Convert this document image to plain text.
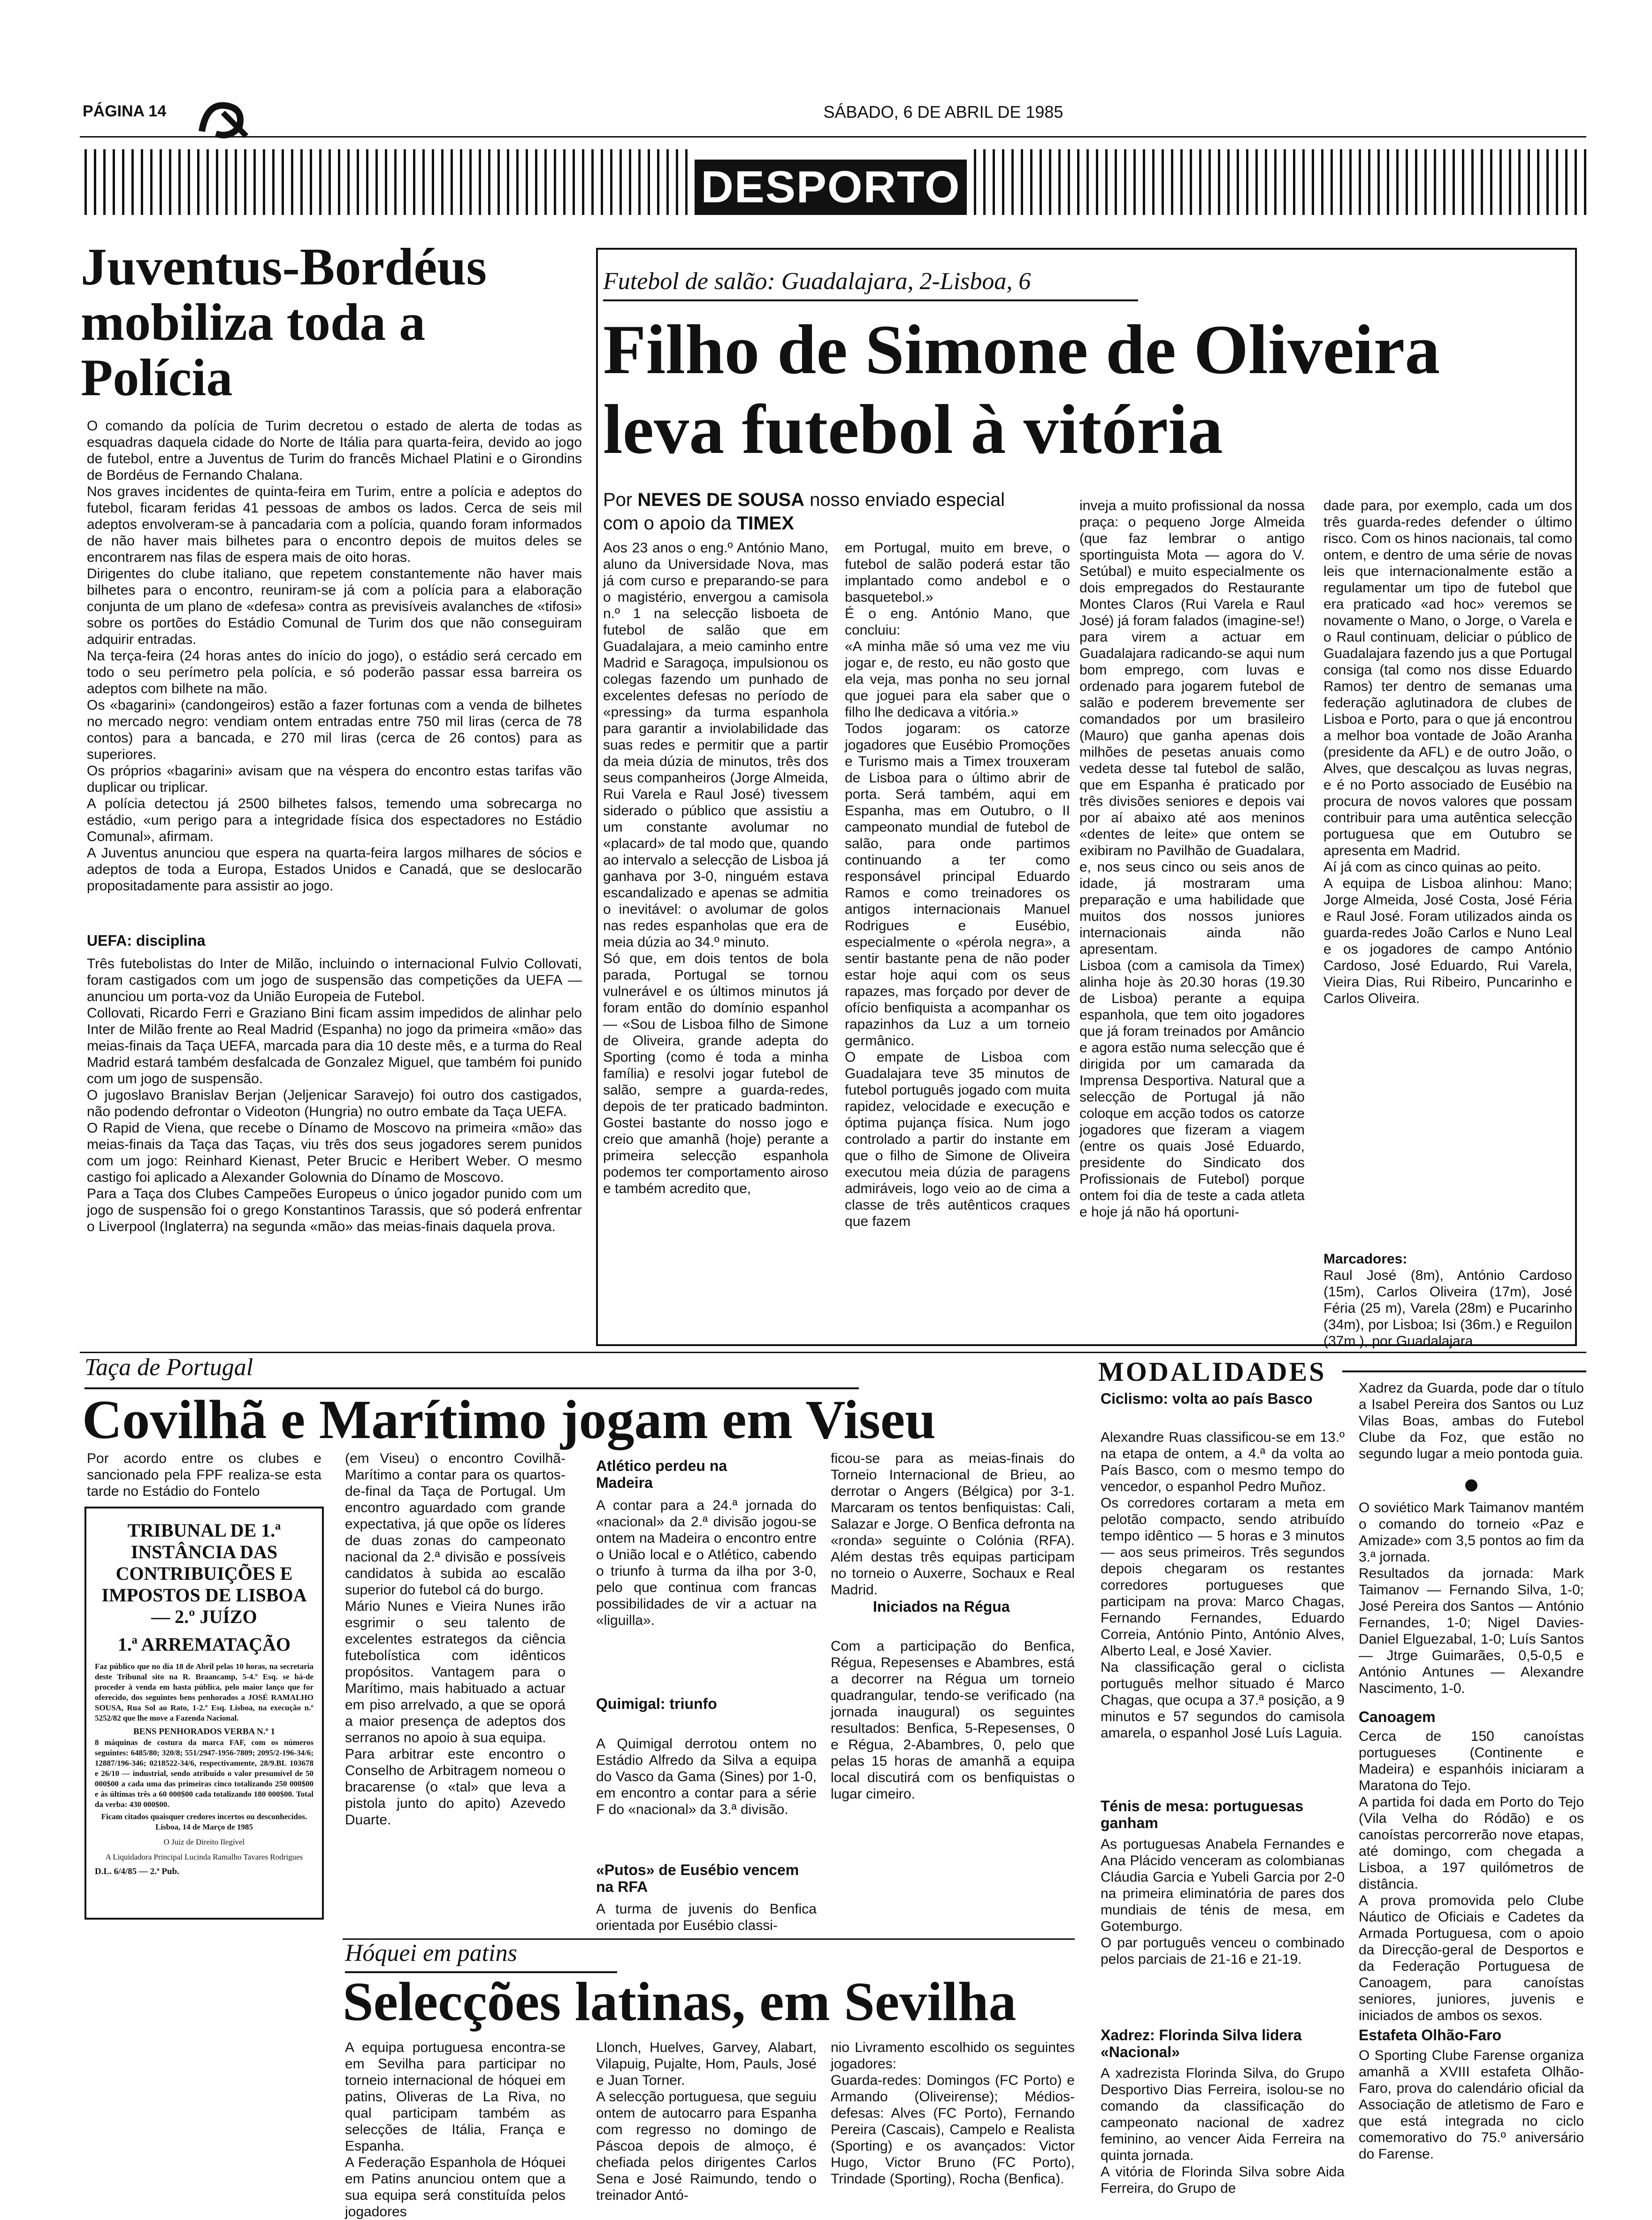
PÁGINA 14	SÁBADO, 6 DE ABRIL DE 1985
DESPORTO
Juventus-Bordéus mobiliza toda a Polícia
O comando da polícia de Turim decretou o estado de alerta de todas as esquadras daquela cidade do Norte de Itália para quarta-feira, devido ao jogo de futebol, entre a Juventus de Turim do francês Michael Platini e o Girondins de Bordéus de Fernando Chalana.
Nos graves incidentes de quinta-feira em Turim, entre a polícia e adeptos do futebol, ficaram feridas 41 pessoas de ambos os lados. Cerca de seis mil adeptos envolveram-se à pancadaria com a polícia, quando foram informados de não haver mais bilhetes para o encontro depois de muitos deles se encontrarem nas filas de espera mais de oito horas.
Dirigentes do clube italiano, que repetem constantemente não haver mais bilhetes para o encontro, reuniram-se já com a polícia para a elaboração conjunta de um plano de «defesa» contra as previsíveis avalanches de «tifosi» sobre os portões do Estádio Comunal de Turim dos que não conseguiram adquirir entradas.
Na terça-feira (24 horas antes do início do jogo), o estádio será cercado em todo o seu perímetro pela polícia, e só poderão passar essa barreira os adeptos com bilhete na mão.
Os «bagarini» (candongeiros) estão a fazer fortunas com a venda de bilhetes no mercado negro: vendiam ontem entradas entre 750 mil liras (cerca de 78 contos) para a bancada, e 270 mil liras (cerca de 26 contos) para as superiores.
Os próprios «bagarini» avisam que na véspera do encontro estas tarifas vão duplicar ou triplicar.
A polícia detectou já 2500 bilhetes falsos, temendo uma sobrecarga no estádio, «um perigo para a integridade física dos espectadores no Estádio Comunal», afirmam.
A Juventus anunciou que espera na quarta-feira largos milhares de sócios e adeptos de toda a Europa, Estados Unidos e Canadá, que se deslocarão propositadamente para assistir ao jogo.
UEFA: disciplina
Três futebolistas do Inter de Milão, incluindo o internacional Fulvio Collovati, foram castigados com um jogo de suspensão das competições da UEFA — anunciou um porta-voz da União Europeia de Futebol.
Collovati, Ricardo Ferri e Graziano Bini ficam assim impedidos de alinhar pelo Inter de Milão frente ao Real Madrid (Espanha) no jogo da primeira «mão» das meias-finais da Taça UEFA, marcada para dia 10 deste mês, e a turma do Real Madrid estará também desfalcada de Gonzalez Miguel, que também foi punido com um jogo de suspensão.
O jugoslavo Branislav Berjan (Jeljenicar Saravejo) foi outro dos castigados, não podendo defrontar o Videoton (Hungria) no outro embate da Taça UEFA.
O Rapid de Viena, que recebe o Dínamo de Moscovo na primeira «mão» das meias-finais da Taça das Taças, viu três dos seus jogadores serem punidos com um jogo: Reinhard Kienast, Peter Brucic e Heribert Weber. O mesmo castigo foi aplicado a Alexander Golownia do Dínamo de Moscovo.
Para a Taça dos Clubes Campeões Europeus o único jogador punido com um jogo de suspensão foi o grego Konstantinos Tarassis, que só poderá enfrentar o Liverpool (Inglaterra) na segunda «mão» das meias-finais daquela prova.
Futebol de salão: Guadalajara, 2-Lisboa, 6
Filho de Simone de Oliveira leva futebol à vitória
Por NEVES DE SOUSA nosso enviado especial
com o apoio da TIMEX
Aos 23 anos o eng.º António Mano, aluno da Universidade Nova, mas já com curso e preparando-se para o magistério, envergou a camisola n.º 1 na selecção lisboeta de futebol de salão que em Guadalajara, a meio caminho entre Madrid e Saragoça, impulsionou os colegas fazendo um punhado de excelentes defesas no período de «pressing» da turma espanhola para garantir a inviolabilidade das suas redes e permitir que a partir da meia dúzia de minutos, três dos seus companheiros (Jorge Almeida, Rui Varela e Raul José) tivessem siderado o público que assistiu a um constante avolumar no «placard» de tal modo que, quando ao intervalo a selecção de Lisboa já ganhava por 3-0, ninguém estava escandalizado e apenas se admitia o inevitável: o avolumar de golos nas redes espanholas que era de meia dúzia ao 34.º minuto.
Só que, em dois tentos de bola parada, Portugal se tornou vulnerável e os últimos minutos já foram então do domínio espanhol — «Sou de Lisboa filho de Simone de Oliveira, grande adepta do Sporting (como é toda a minha família) e resolvi jogar futebol de salão, sempre a guarda-redes, depois de ter praticado badminton. Gostei bastante do nosso jogo e creio que amanhã (hoje) perante a primeira selecção espanhola podemos ter comportamento airoso e também acredito que,
em Portugal, muito em breve, o futebol de salão poderá estar tão implantado como andebol e o basquetebol.»
É o eng. António Mano, que concluiu:
«A minha mãe só uma vez me viu jogar e, de resto, eu não gosto que ela veja, mas ponha no seu jornal que joguei para ela saber que o filho lhe dedicava a vitória.»
Todos jogaram: os catorze jogadores que Eusébio Promoções e Turismo mais a Timex trouxeram de Lisboa para o último abrir de porta. Será também, aqui em Espanha, mas em Outubro, o II campeonato mundial de futebol de salão, para onde partimos continuando a ter como responsável principal Eduardo Ramos e como treinadores os antigos internacionais Manuel Rodrigues e Eusébio, especialmente o «pérola negra», a sentir bastante pena de não poder estar hoje aqui com os seus rapazes, mas forçado por dever de ofício benfiquista a acompanhar os rapazinhos da Luz a um torneio germânico.
O empate de Lisboa com Guadalajara teve 35 minutos de futebol português jogado com muita rapidez, velocidade e execução e óptima pujança física. Num jogo controlado a partir do instante em que o filho de Simone de Oliveira executou meia dúzia de paragens admiráveis, logo veio ao de cima a classe de três autênticos craques que fazem
inveja a muito profissional da nossa praça: o pequeno Jorge Almeida (que faz lembrar o antigo sportinguista Mota — agora do V. Setúbal) e muito especialmente os dois empregados do Restaurante Montes Claros (Rui Varela e Raul José) já foram falados (imagine-se!) para virem a actuar em Guadalajara radicando-se aqui num bom emprego, com luvas e ordenado para jogarem futebol de salão e poderem brevemente ser comandados por um brasileiro (Mauro) que ganha apenas dois milhões de pesetas anuais como vedeta desse tal futebol de salão, que em Espanha é praticado por três divisões seniores e depois vai por aí abaixo até aos meninos «dentes de leite» que ontem se exibiram no Pavilhão de Guadalara, e, nos seus cinco ou seis anos de idade, já mostraram uma preparação e uma habilidade que muitos dos nossos juniores internacionais ainda não apresentam.
Lisboa (com a camisola da Timex) alinha hoje às 20.30 horas (19.30 de Lisboa) perante a equipa espanhola, que tem oito jogadores que já foram treinados por Amâncio e agora estão numa selecção que é dirigida por um camarada da Imprensa Desportiva. Natural que a selecção de Portugal já não coloque em acção todos os catorze jogadores que fizeram a viagem (entre os quais José Eduardo, presidente do Sindicato dos Profissionais de Futebol) porque ontem foi dia de teste a cada atleta e hoje já não há oportuni-
dade para, por exemplo, cada um dos três guarda-redes defender o último risco. Com os hinos nacionais, tal como ontem, e dentro de uma série de novas leis que internacionalmente estão a regulamentar um tipo de futebol que era praticado «ad hoc» veremos se novamente o Mano, o Jorge, o Varela e o Raul continuam, deliciar o público de Guadalajara fazendo jus a que Portugal consiga (tal como nos disse Eduardo Ramos) ter dentro de semanas uma federação aglutinadora de clubes de Lisboa e Porto, para o que já encontrou a melhor boa vontade de João Aranha (presidente da AFL) e de outro João, o Alves, que descalçou as luvas negras, e é no Porto associado de Eusébio na procura de novos valores que possam contribuir para uma autêntica selecção portuguesa que em Outubro se apresenta em Madrid.
Aí já com as cinco quinas ao peito.
A equipa de Lisboa alinhou: Mano; Jorge Almeida, José Costa, José Féria e Raul José. Foram utilizados ainda os guarda-redes João Carlos e Nuno Leal e os jogadores de campo António Cardoso, José Eduardo, Rui Varela, Vieira Dias, Rui Ribeiro, Puncarinho e Carlos Oliveira.

Marcadores:
Raul José (8m), António Cardoso (15m), Carlos Oliveira (17m), José Féria (25 m), Varela (28m) e Pucarinho (34m), por Lisboa; Isi (36m.) e Reguilon (37m.), por Guadalajara.

Taça de Portugal
Covilhã e Marítimo jogam em Viseu
Por acordo entre os clubes e sancionado pela FPF realiza-se esta tarde no Estádio do Fontelo
TRIBUNAL DE 1.ª INSTÂNCIA DAS CONTRIBUIÇÕES E IMPOSTOS DE LISBOA — 2.º JUÍZO
1.ª ARREMATAÇÃO
Faz público que no dia 18 de Abril pelas 10 horas, na secretaria deste Tribunal sito na R. Braancamp, 5-4.º Esq. se há-de proceder à venda em hasta pública, pelo maior lanço que for oferecido, dos seguintes bens penhorados a JOSÉ RAMALHO SOUSA, Rua Sol ao Rato, 1-2.º Esq. Lisboa, na execução n.º 5252/82 que lhe move a Fazenda Nacional.
BENS PENHORADOS VERBA N.º 1
8 máquinas de costura da marca FAF, com os números seguintes: 6485/80; 320/8; 551/2947-1956-7809; 2095/2-196-34/6; 12887/196-346; 0218522-34/6, respectivamente, 28/9.BL 103678 e 26/10 — industrial, sendo atribuído o valor presumível de 50 000$00 a cada uma das primeiras cinco totalizando 250 000$00 e às últimas três a 60 000$00 cada totalizando 180 000$00. Total da verba: 430 000$00.
Ficam citados quaisquer credores incertos ou desconhecidos.
Lisboa, 14 de Março de 1985
O Juiz de Direito Ilegível
A Liquidadora Principal Lucinda Ramalho Tavares Rodrigues
D.L. 6/4/85 — 2.ª Pub.
(em Viseu) o encontro Covilhã-Marítimo a contar para os quartos-de-final da Taça de Portugal. Um encontro aguardado com grande expectativa, já que opõe os líderes de duas zonas do campeonato nacional da 2.ª divisão e possíveis candidatos à subida ao escalão superior do futebol cá do burgo.
Mário Nunes e Vieira Nunes irão esgrimir o seu talento de excelentes estrategos da ciência futebolística com idênticos propósitos. Vantagem para o Marítimo, mais habituado a actuar em piso arrelvado, a que se oporá a maior presença de adeptos dos serranos no apoio à sua equipa.
Para arbitrar este encontro o Conselho de Arbitragem nomeou o bracarense (o «tal» que leva a pistola junto do apito) Azevedo Duarte.
Atlético perdeu na Madeira
A contar para a 24.ª jornada do «nacional» da 2.ª divisão jogou-se ontem na Madeira o encontro entre o União local e o Atlético, cabendo o triunfo à turma da ilha por 3-0, pelo que continua com francas possibilidades de vir a actuar na «liguilla».
Quimigal: triunfo
A Quimigal derrotou ontem no Estádio Alfredo da Silva a equipa do Vasco da Gama (Sines) por 1-0, em encontro a contar para a série F do «nacional» da 3.ª divisão.
«Putos» de Eusébio vencem na RFA
A turma de juvenis do Benfica orientada por Eusébio classi-
ficou-se para as meias-finais do Torneio Internacional de Brieu, ao derrotar o Angers (Bélgica) por 3-1. Marcaram os tentos benfiquistas: Cali, Salazar e Jorge. O Benfica defronta na «ronda» seguinte o Colónia (RFA). Além destas três equipas participam no torneio o Auxerre, Sochaux e Real Madrid.
Iniciados na Régua
Com a participação do Benfica, Régua, Repesenses e Abambres, está a decorrer na Régua um torneio quadrangular, tendo-se verificado (na jornada inaugural) os seguintes resultados: Benfica, 5-Repesenses, 0 e Régua, 2-Abambres, 0, pelo que pelas 15 horas de amanhã a equipa local discutirá com os benfiquistas o lugar cimeiro.
Hóquei em patins
Selecções latinas, em Sevilha
A equipa portuguesa encontra-se em Sevilha para participar no torneio internacional de hóquei em patins, Oliveras de La Riva, no qual participam também as selecções de Itália, França e Espanha.
A Federação Espanhola de Hóquei em Patins anunciou ontem que a sua equipa será constituída pelos jogadores
Llonch, Huelves, Garvey, Alabart, Vilapuig, Pujalte, Hom, Pauls, José e Juan Torner.
A selecção portuguesa, que seguiu ontem de autocarro para Espanha com regresso no domingo de Páscoa depois de almoço, é chefiada pelos dirigentes Carlos Sena e José Raimundo, tendo o treinador Antó-
nio Livramento escolhido os seguintes jogadores:
Guarda-redes: Domingos (FC Porto) e Armando (Oliveirense); Médios-defesas: Alves (FC Porto), Fernando Pereira (Cascais), Campelo e Realista (Sporting) e os avançados: Victor Hugo, Victor Bruno (FC Porto), Trindade (Sporting), Rocha (Benfica).
MODALIDADES
Ciclismo: volta ao país Basco
Alexandre Ruas classificou-se em 13.º na etapa de ontem, a 4.ª da volta ao País Basco, com o mesmo tempo do vencedor, o espanhol Pedro Muñoz.
Os corredores cortaram a meta em pelotão compacto, sendo atribuído tempo idêntico — 5 horas e 3 minutos — aos seus primeiros. Três segundos depois chegaram os restantes corredores portugueses que participam na prova: Marco Chagas, Fernando Fernandes, Eduardo Correia, António Pinto, António Alves, Alberto Leal, e José Xavier.
Na classificação geral o ciclista português melhor situado é Marco Chagas, que ocupa a 37.ª posição, a 9 minutos e 57 segundos do camisola amarela, o espanhol José Luís Laguia.
Ténis de mesa: portuguesas ganham
As portuguesas Anabela Fernandes e Ana Plácido venceram as colombianas Cláudia Garcia e Yubeli Garcia por 2-0 na primeira eliminatória de pares dos mundiais de ténis de mesa, em Gotemburgo.
O par português venceu o combinado pelos parciais de 21-16 e 21-19.
Xadrez: Florinda Silva lidera «Nacional»
A xadrezista Florinda Silva, do Grupo Desportivo Dias Ferreira, isolou-se no comando da classificação do campeonato nacional de xadrez feminino, ao vencer Aida Ferreira na quinta jornada.
A vitória de Florinda Silva sobre Aida Ferreira, do Grupo de
Xadrez da Guarda, pode dar o título a Isabel Pereira dos Santos ou Luz Vilas Boas, ambas do Futebol Clube da Foz, que estão no segundo lugar a meio pontoda guia.
O soviético Mark Taimanov mantém o comando do torneio «Paz e Amizade» com 3,5 pontos ao fim da 3.ª jornada.
Resultados da jornada: Mark Taimanov — Fernando Silva, 1-0; José Pereira dos Santos — António Fernandes, 1-0; Nigel Davies-Daniel Elguezabal, 1-0; Luís Santos — Jtrge Guimarães, 0,5-0,5 e António Antunes — Alexandre Nascimento, 1-0.
Canoagem
Cerca de 150 canoístas portugueses (Continente e Madeira) e espanhóis iniciaram a Maratona do Tejo.
A partida foi dada em Porto do Tejo (Vila Velha do Ródão) e os canoístas percorrerão nove etapas, até domingo, com chegada a Lisboa, a 197 quilómetros de distância.
A prova promovida pelo Clube Náutico de Oficiais e Cadetes da Armada Portuguesa, com o apoio da Direcção-geral de Desportos e da Federação Portuguesa de Canoagem, para canoístas seniores, juniores, juvenis e iniciados de ambos os sexos.
Estafeta Olhão-Faro
O Sporting Clube Farense organiza amanhã a XVIII estafeta Olhão-Faro, prova do calendário oficial da Associação de atletismo de Faro e que está integrada no ciclo comemorativo do 75.º aniversário do Farense.
